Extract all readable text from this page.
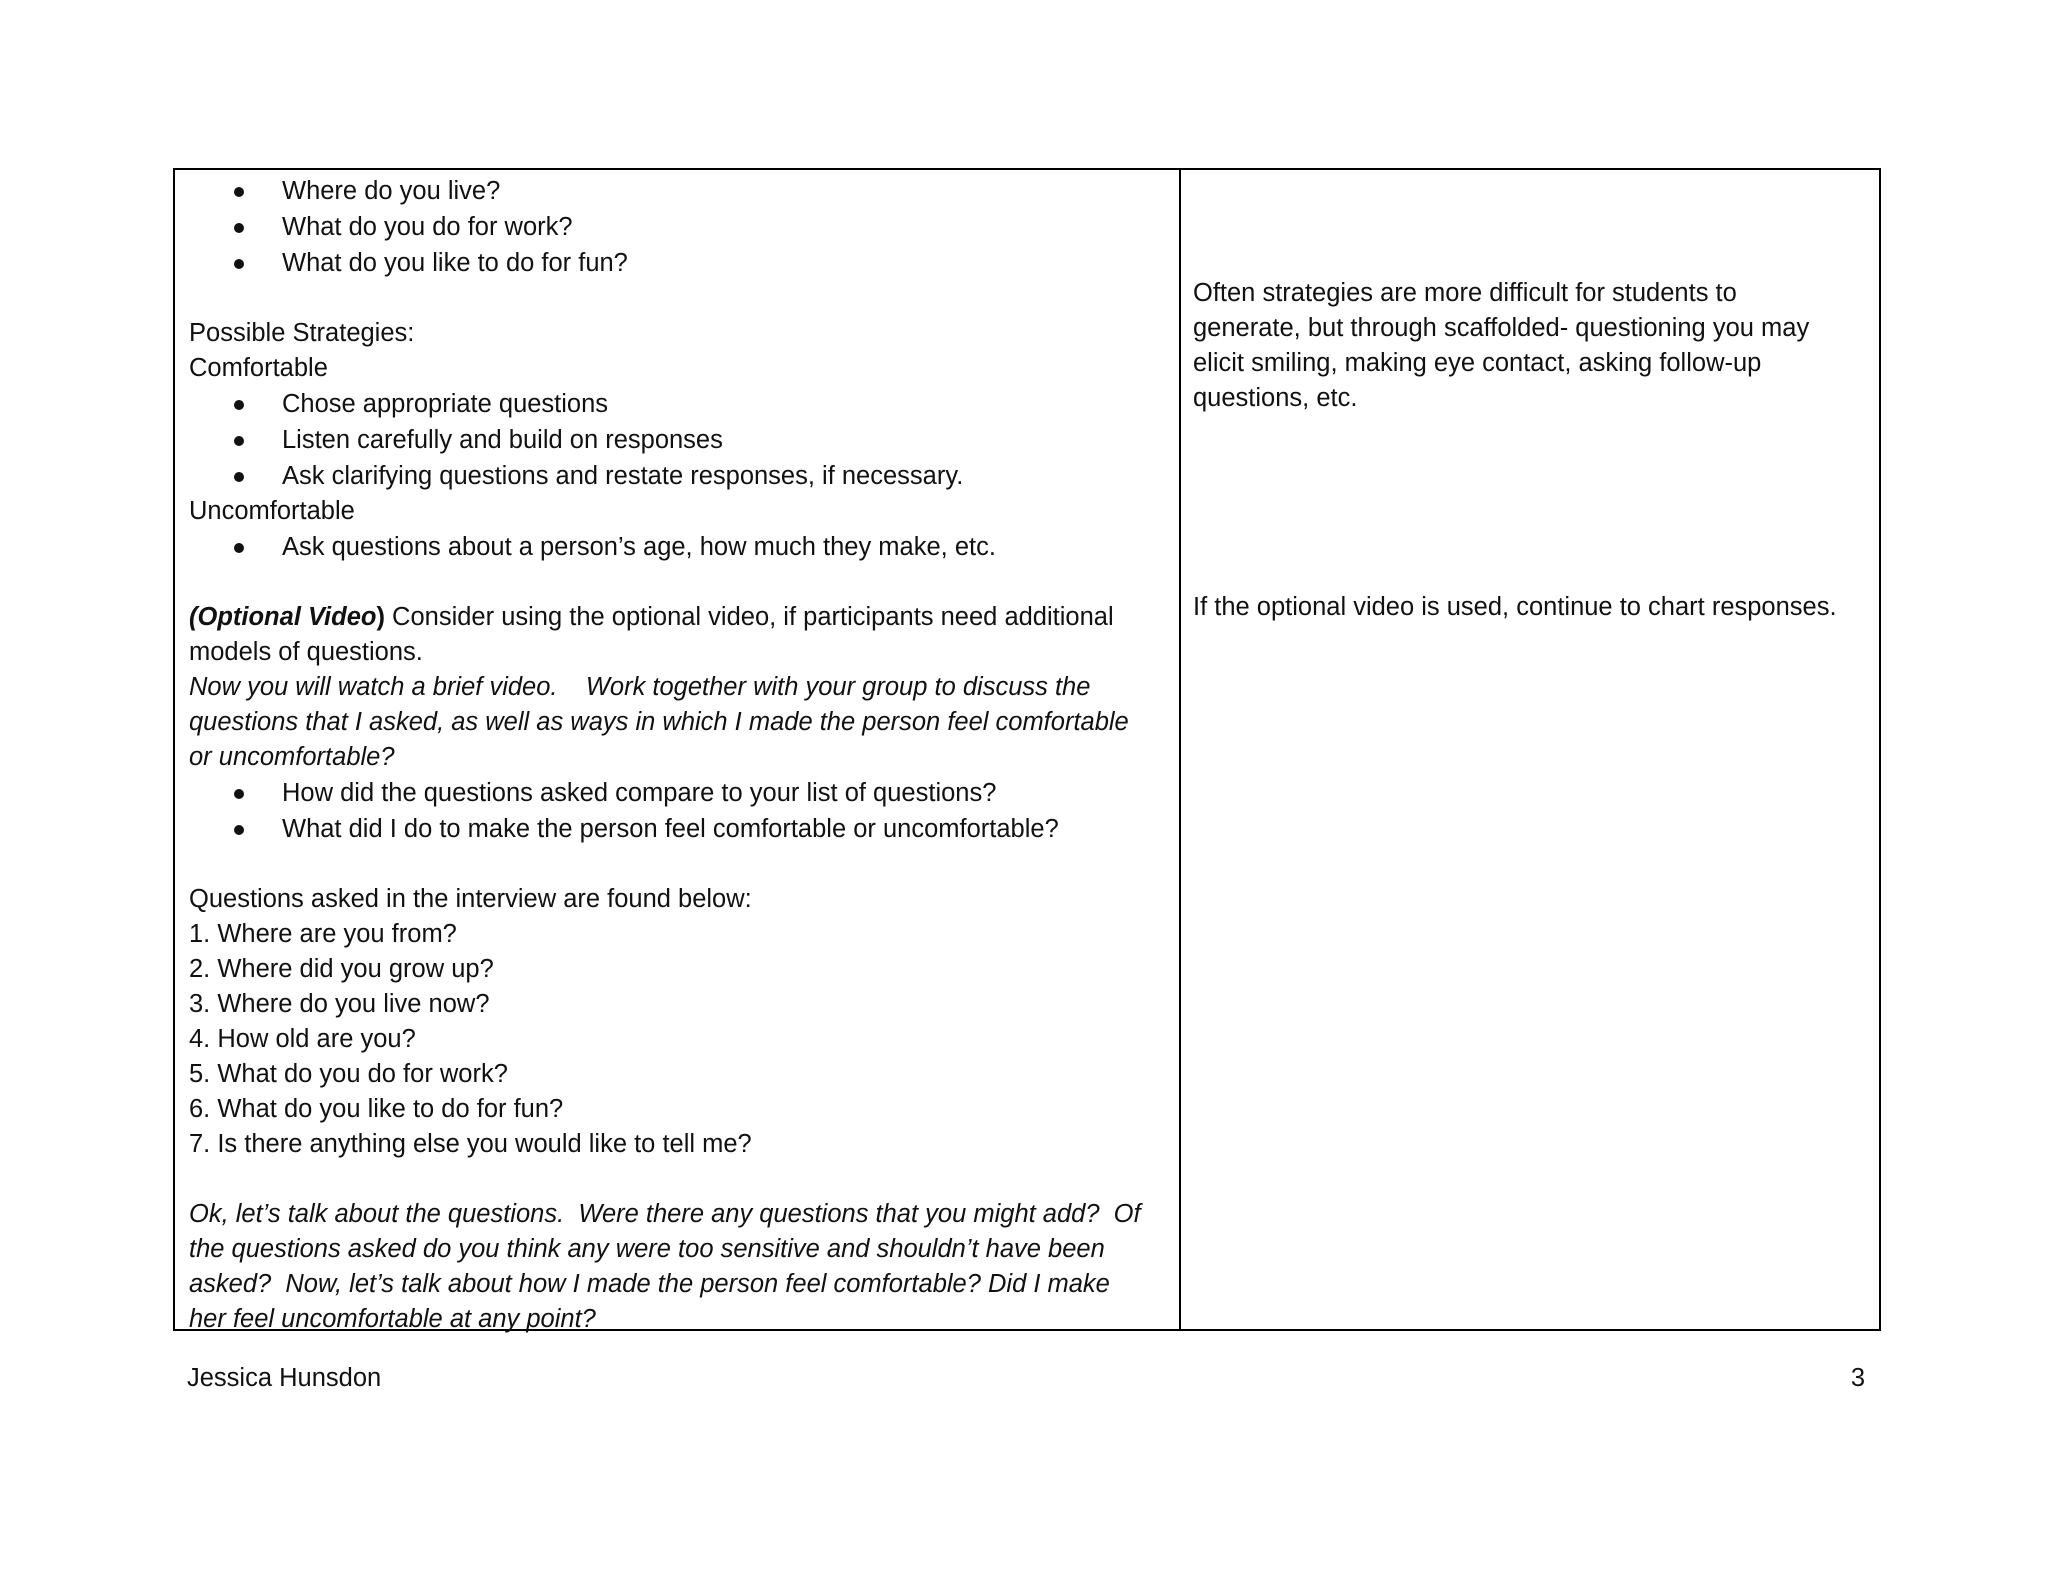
Where do you live?
What do you do for work?
What do you like to do for fun?
Possible Strategies:
Comfortable
Chose appropriate questions
Listen carefully and build on responses
Ask clarifying questions and restate responses, if necessary.
Uncomfortable
Ask questions about a person’s age, how much they make, etc.
(Optional Video) Consider using the optional video, if participants need additional
models of questions.
Now you will watch a brief video.    Work together with your group to discuss the
questions that I asked, as well as ways in which I made the person feel comfortable
or uncomfortable?
How did the questions asked compare to your list of questions?
What did I do to make the person feel comfortable or uncomfortable?
Questions asked in the interview are found below:
1. Where are you from?
2. Where did you grow up?
3. Where do you live now?
4. How old are you?
5. What do you do for work?
6. What do you like to do for fun?
7. Is there anything else you would like to tell me?
Ok, let’s talk about the questions.  Were there any questions that you might add?  Of
the questions asked do you think any were too sensitive and shouldn’t have been
asked?  Now, let’s talk about how I made the person feel comfortable? Did I make
her feel uncomfortable at any point?
Often strategies are more difficult for students to
generate, but through scaffolded- questioning you may
elicit smiling, making eye contact, asking follow-up
questions, etc.
If the optional video is used, continue to chart responses.
Jessica Hunsdon	3
